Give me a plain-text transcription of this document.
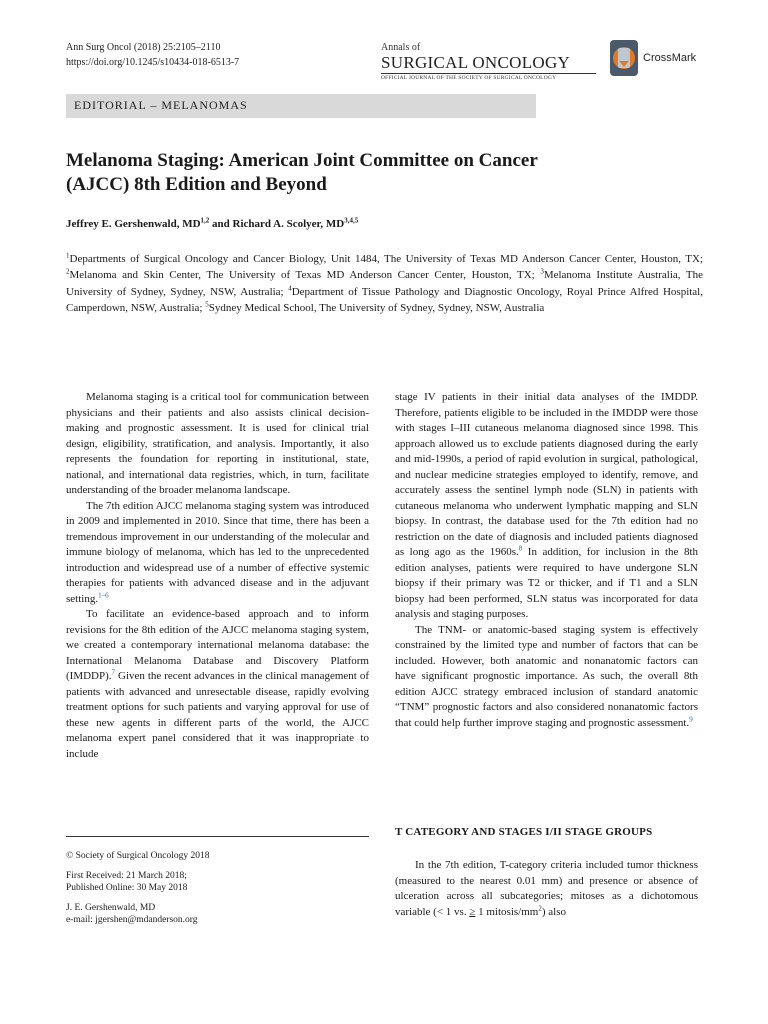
Ann Surg Oncol (2018) 25:2105–2110
https://doi.org/10.1245/s10434-018-6513-7
Annals of
SURGICAL ONCOLOGY
OFFICIAL JOURNAL OF THE SOCIETY OF SURGICAL ONCOLOGY
CrossMark
EDITORIAL – MELANOMAS
Melanoma Staging: American Joint Committee on Cancer
(AJCC) 8th Edition and Beyond
Jeffrey E. Gershenwald, MD$^{1,2}$ and Richard A. Scolyer, MD$^{3,4,5}$
$^1$Departments of Surgical Oncology and Cancer Biology, Unit 1484, The University of Texas MD Anderson Cancer Center, Houston, TX; $^2$Melanoma and Skin Center, The University of Texas MD Anderson Cancer Center, Houston, TX; $^3$Melanoma Institute Australia, The University of Sydney, Sydney, NSW, Australia; $^4$Department of Tissue Pathology and Diagnostic Oncology, Royal Prince Alfred Hospital, Camperdown, NSW, Australia; $^5$Sydney Medical School, The University of Sydney, Sydney, NSW, Australia

Melanoma staging is a critical tool for communication between physicians and their patients and also assists clinical decision-making and prognostic assessment. It is used for clinical trial design, eligibility, stratification, and analysis. Importantly, it also represents the foundation for reporting in institutional, state, national, and international data registries, which, in turn, facilitate understanding of the broader melanoma landscape.

The 7th edition AJCC melanoma staging system was introduced in 2009 and implemented in 2010. Since that time, there has been a tremendous improvement in our understanding of the molecular and immune biology of melanoma, which has led to the unprecedented introduction and widespread use of a number of effective systemic therapies for patients with advanced disease and in the adjuvant setting.$^{1-6}$

To facilitate an evidence-based approach and to inform revisions for the 8th edition of the AJCC melanoma staging system, we created a contemporary international melanoma database: the International Melanoma Database and Discovery Platform (IMDDP).$^7$ Given the recent advances in the clinical management of patients with advanced and unresectable disease, rapidly evolving treatment options for such patients and varying approval for use of these new agents in different parts of the world, the AJCC melanoma expert panel considered that it was inappropriate to include

stage IV patients in their initial data analyses of the IMDDP. Therefore, patients eligible to be included in the IMDDP were those with stages I–III cutaneous melanoma diagnosed since 1998. This approach allowed us to exclude patients diagnosed during the early and mid-1990s, a period of rapid evolution in surgical, pathological, and nuclear medicine strategies employed to identify, remove, and accurately assess the sentinel lymph node (SLN) in patients with cutaneous melanoma who underwent lymphatic mapping and SLN biopsy. In contrast, the database used for the 7th edition had no restriction on the date of diagnosis and included patients diagnosed as long ago as the 1960s.$^8$ In addition, for inclusion in the 8th edition analyses, patients were required to have undergone SLN biopsy if their primary was T2 or thicker, and if T1 and a SLN biopsy had been performed, SLN status was incorporated for data analysis and staging purposes.

The TNM- or anatomic-based staging system is effectively constrained by the limited type and number of factors that can be included. However, both anatomic and nonanatomic factors can have significant prognostic importance. As such, the overall 8th edition AJCC strategy embraced inclusion of standard anatomic “TNM” prognostic factors and also considered nonanatomic factors that could help further improve staging and prognostic assessment.$^9$

T CATEGORY AND STAGES I/II STAGE GROUPS

In the 7th edition, T-category criteria included tumor thickness (measured to the nearest 0.01 mm) and presence or absence of ulceration across all subcategories; mitoses as a dichotomous variable (< 1 vs. ≥ 1 mitosis/$mm^2$) also

© Society of Surgical Oncology 2018
First Received: 21 March 2018;
Published Online: 30 May 2018
J. E. Gershenwald, MD
e-mail: jgershen@mdanderson.org
